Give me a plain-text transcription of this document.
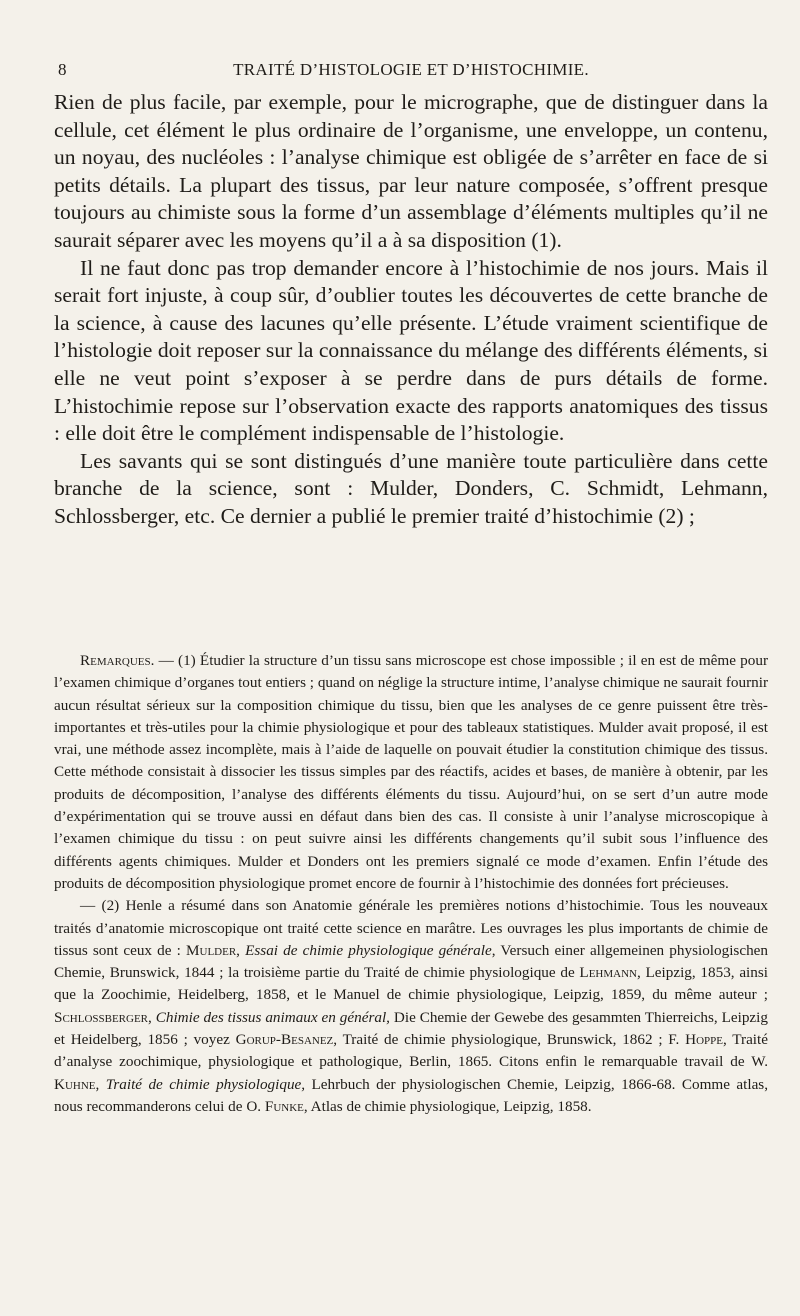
8	TRAITÉ D’HISTOLOGIE ET D’HISTOCHIMIE.

Rien de plus facile, par exemple, pour le micrographe, que de distinguer dans la cellule, cet élément le plus ordinaire de l’organisme, une enveloppe, un contenu, un noyau, des nucléoles : l’analyse chimique est obligée de s’arrêter en face de si petits détails. La plupart des tissus, par leur nature composée, s’offrent presque toujours au chimiste sous la forme d’un assemblage d’éléments multiples qu’il ne saurait séparer avec les moyens qu’il a à sa disposition (1).

Il ne faut donc pas trop demander encore à l’histochimie de nos jours. Mais il serait fort injuste, à coup sûr, d’oublier toutes les découvertes de cette branche de la science, à cause des lacunes qu’elle présente. L’étude vraiment scientifique de l’histologie doit reposer sur la connaissance du mélange des différents éléments, si elle ne veut point s’exposer à se perdre dans de purs détails de forme. L’histochimie repose sur l’observation exacte des rapports anatomiques des tissus : elle doit être le complément indispensable de l’histologie.

Les savants qui se sont distingués d’une manière toute particulière dans cette branche de la science, sont : Mulder, Donders, C. Schmidt, Lehmann, Schlossberger, etc. Ce dernier a publié le premier traité d’histochimie (2) ;

Remarques. — (1) Étudier la structure d’un tissu sans microscope est chose impossible ; il en est de même pour l’examen chimique d’organes tout entiers ; quand on néglige la structure intime, l’analyse chimique ne saurait fournir aucun résultat sérieux sur la composition chimique du tissu, bien que les analyses de ce genre puissent être très-importantes et très-utiles pour la chimie physiologique et pour des tableaux statistiques. Mulder avait proposé, il est vrai, une méthode assez incomplète, mais à l’aide de laquelle on pouvait étudier la constitution chimique des tissus. Cette méthode consistait à dissocier les tissus simples par des réactifs, acides et bases, de manière à obtenir, par les produits de décomposition, l’analyse des différents éléments du tissu. Aujourd’hui, on se sert d’un autre mode d’expérimentation qui se trouve aussi en défaut dans bien des cas. Il consiste à unir l’analyse microscopique à l’examen chimique du tissu : on peut suivre ainsi les différents changements qu’il subit sous l’influence des différents agents chimiques. Mulder et Donders ont les premiers signalé ce mode d’examen. Enfin l’étude des produits de décomposition physiologique promet encore de fournir à l’histochimie des données fort précieuses.

— (2) Henle a résumé dans son Anatomie générale les premières notions d’histochimie. Tous les nouveaux traités d’anatomie microscopique ont traité cette science en marâtre. Les ouvrages les plus importants de chimie de tissus sont ceux de : Mulder, Essai de chimie physiologique générale, Versuch einer allgemeinen physiologischen Chemie, Brunswick, 1844 ; la troisième partie du Traité de chimie physiologique de Lehmann, Leipzig, 1853, ainsi que la Zoochimie, Heidelberg, 1858, et le Manuel de chimie physiologique, Leipzig, 1859, du même auteur ; Schlossberger, Chimie des tissus animaux en général, Die Chemie der Gewebe des gesammten Thierreichs, Leipzig et Heidelberg, 1856 ; voyez Gorup-Besanez, Traité de chimie physiologique, Brunswick, 1862 ; F. Hoppe, Traité d’analyse zoochimique, physiologique et pathologique, Berlin, 1865. Citons enfin le remarquable travail de W. Kuhne, Traité de chimie physiologique, Lehrbuch der physiologischen Chemie, Leipzig, 1866-68. Comme atlas, nous recommanderons celui de O. Funke, Atlas de chimie physiologique, Leipzig, 1858.
